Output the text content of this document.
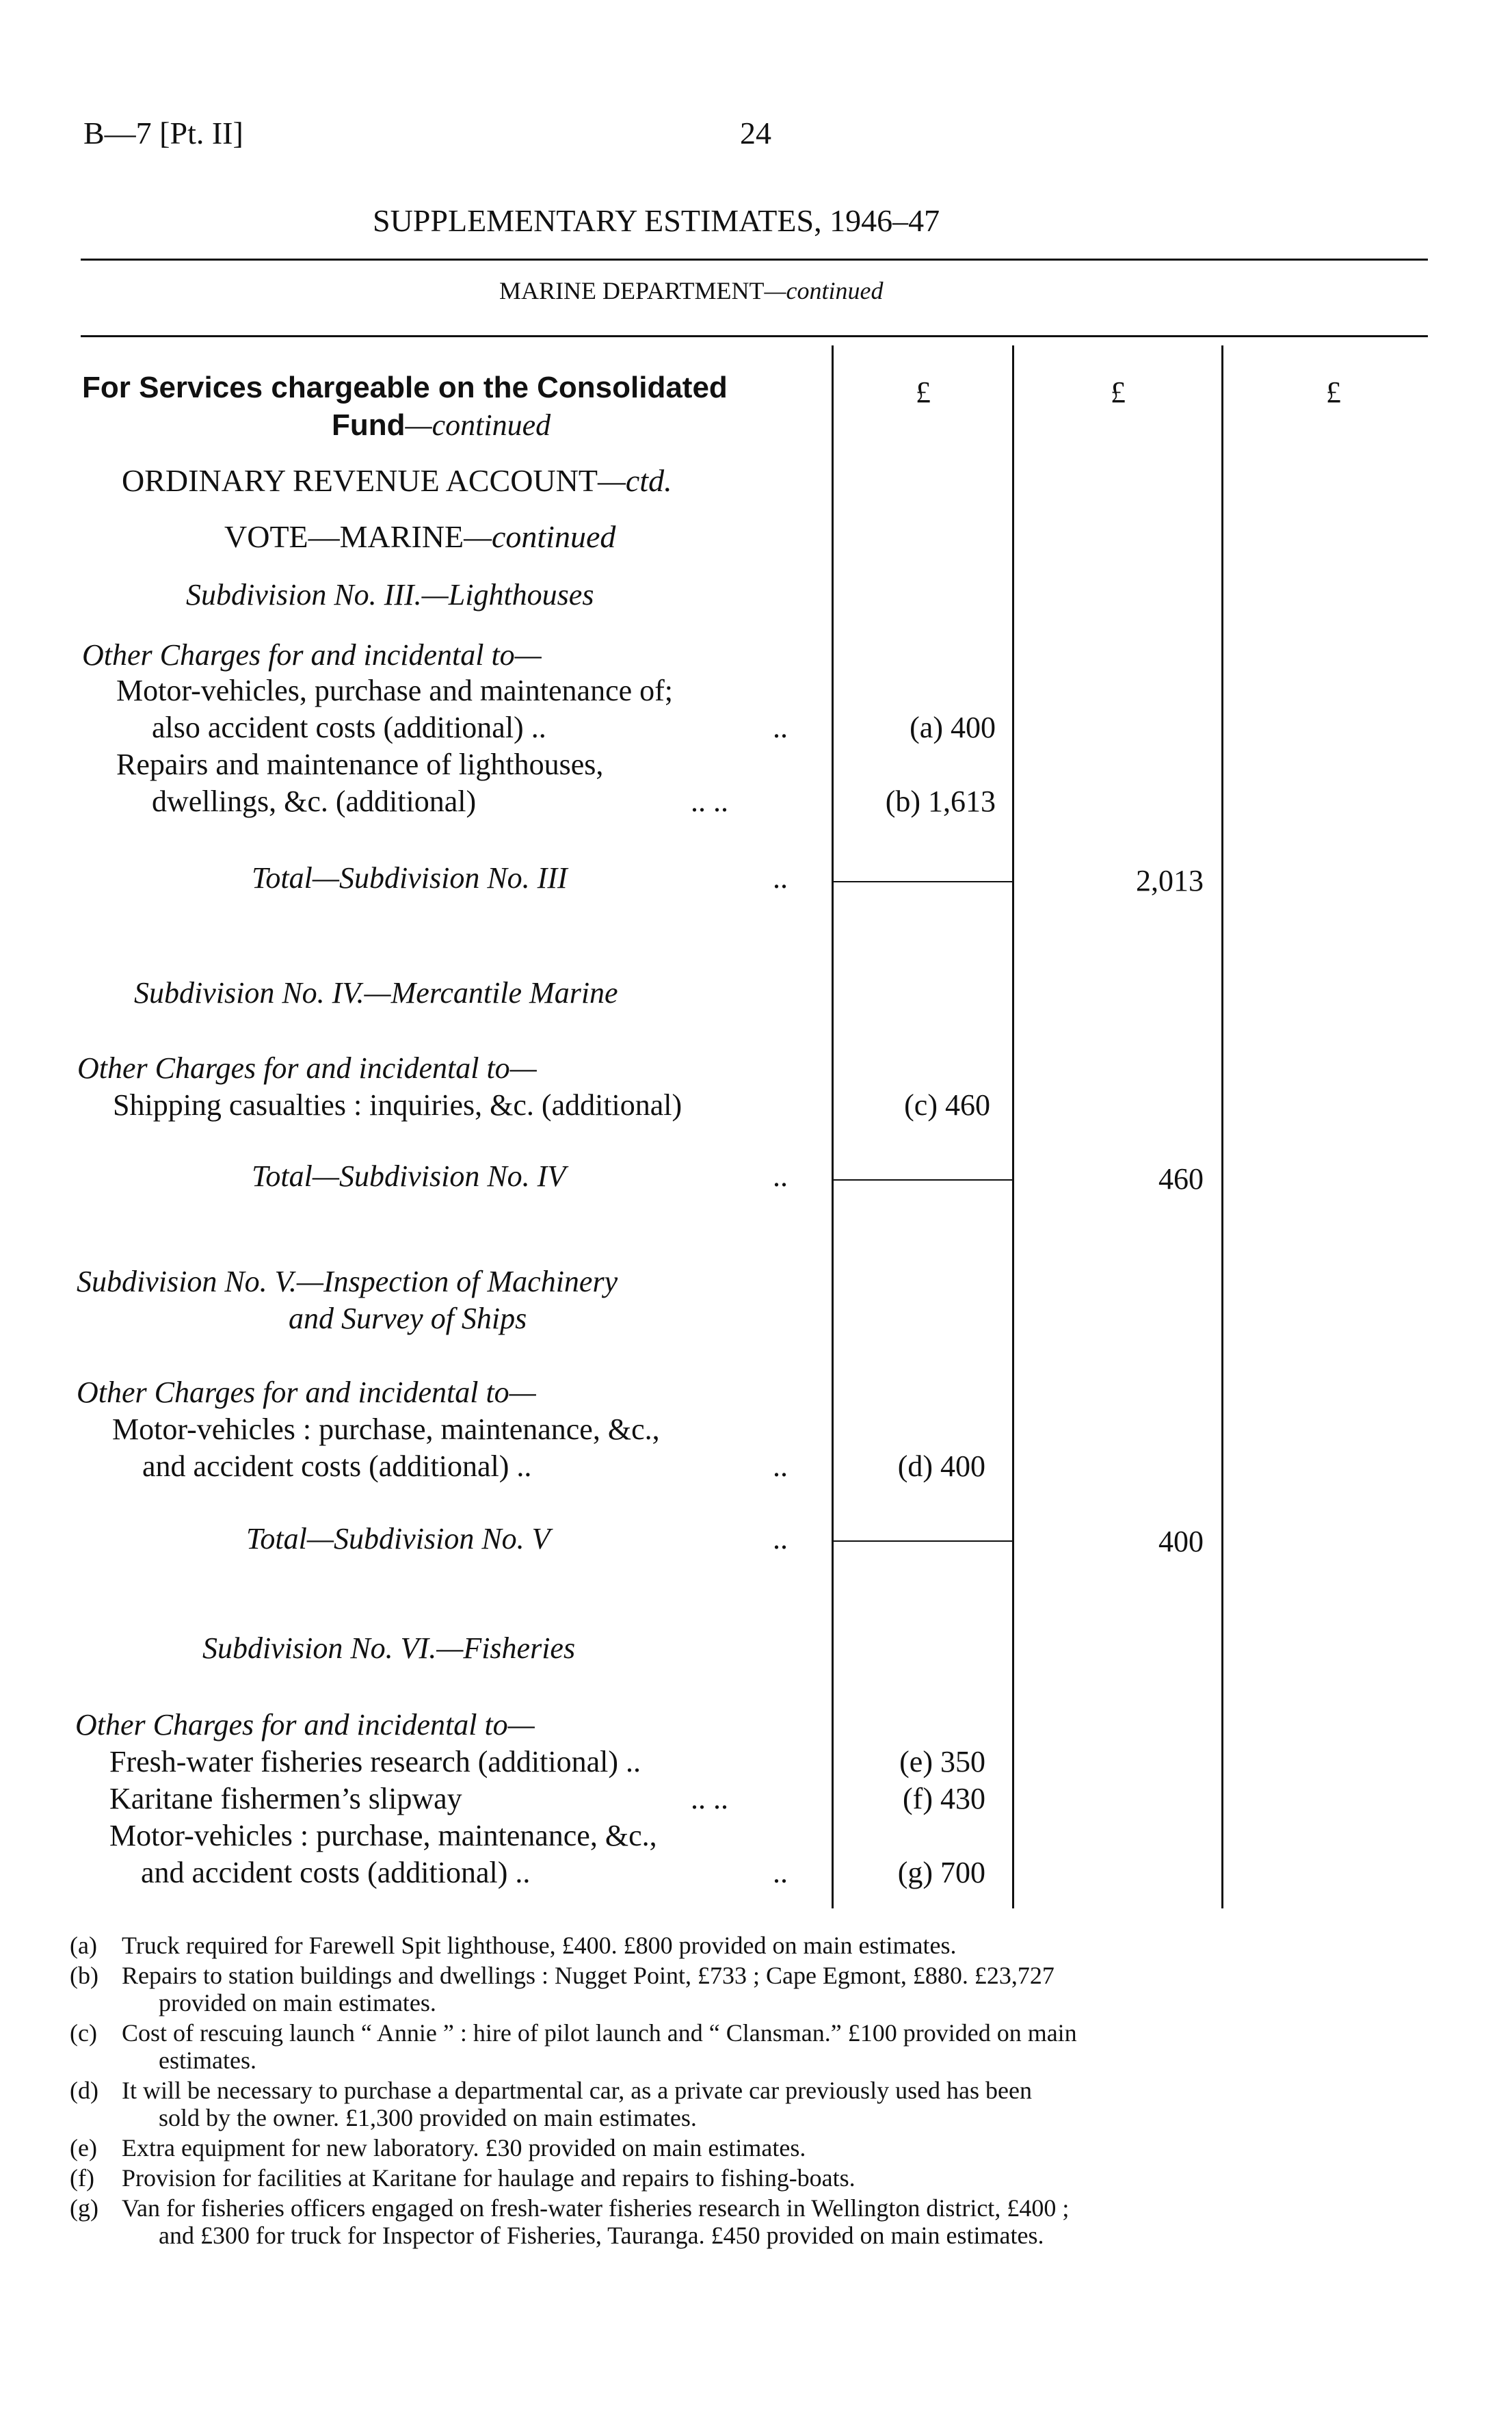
B—7 [Pt. II]	24
SUPPLEMENTARY ESTIMATES, 1946–47
MARINE DEPARTMENT—continued
£	£	£
For Services chargeable on the Consolidated
Fund—continued
ORDINARY REVENUE ACCOUNT—ctd.
VOTE—MARINE—continued
Subdivision No. III.—Lighthouses
Other Charges for and incidental to—
Motor-vehicles, purchase and maintenance of;
also accident costs (additional) ..	..	(a) 400
Repairs and maintenance of lighthouses,
dwellings, &c. (additional)	.. ..	(b) 1,613
Total—Subdivision No. III	..	2,013
Subdivision No. IV.—Mercantile Marine
Other Charges for and incidental to—
Shipping casualties : inquiries, &c. (additional)	(c) 460
Total—Subdivision No. IV	..	460
Subdivision No. V.—Inspection of Machinery
and Survey of Ships
Other Charges for and incidental to—
Motor-vehicles : purchase, maintenance, &c.,
and accident costs (additional) ..	..	(d) 400
Total—Subdivision No. V	..	400
Subdivision No. VI.—Fisheries
Other Charges for and incidental to—
Fresh-water fisheries research (additional) ..	(e) 350
Karitane fishermen’s slipway	.. ..	(f) 430
Motor-vehicles : purchase, maintenance, &c.,
and accident costs (additional) ..	..	(g) 700
(a) Truck required for Farewell Spit lighthouse, £400. £800 provided on main estimates.
(b) Repairs to station buildings and dwellings : Nugget Point, £733 ; Cape Egmont, £880. £23,727
provided on main estimates.
(c) Cost of rescuing launch “ Annie ” : hire of pilot launch and “ Clansman.” £100 provided on main
estimates.
(d) It will be necessary to purchase a departmental car, as a private car previously used has been
sold by the owner. £1,300 provided on main estimates.
(e) Extra equipment for new laboratory. £30 provided on main estimates.
(f) Provision for facilities at Karitane for haulage and repairs to fishing-boats.
(g) Van for fisheries officers engaged on fresh-water fisheries research in Wellington district, £400 ;
and £300 for truck for Inspector of Fisheries, Tauranga. £450 provided on main estimates.
